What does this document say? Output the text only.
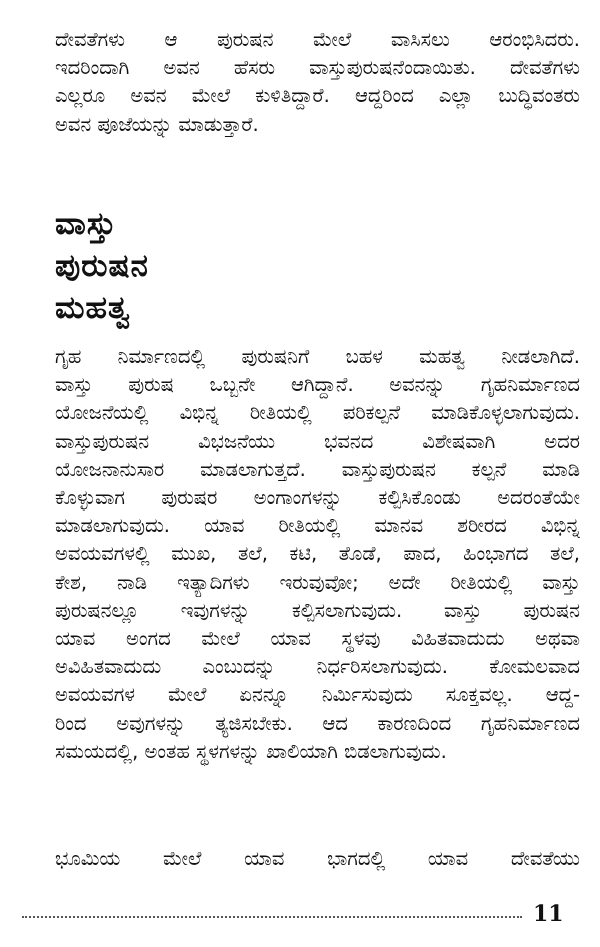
ದೇವತೆಗಳು ಆ ಪುರುಷನ ಮೇಲೆ ವಾಸಿಸಲು ಆರಂಭಿಸಿದರು.
ಇದರಿಂದಾಗಿ ಅವನ ಹೆಸರು ವಾಸ್ತುಪುರುಷನೆಂದಾಯಿತು. ದೇವತೆಗಳು
ಎಲ್ಲರೂ ಅವನ ಮೇಲೆ ಕುಳಿತಿದ್ದಾರೆ. ಆದ್ದರಿಂದ ಎಲ್ಲಾ ಬುದ್ಧಿವಂತರು
ಅವನ ಪೂಜೆಯನ್ನು ಮಾಡುತ್ತಾರೆ.
ವಾಸ್ತು
ಪುರುಷನ
ಮಹತ್ವ
ಗೃಹ ನಿರ್ಮಾಣದಲ್ಲಿ ಪುರುಷನಿಗೆ ಬಹಳ ಮಹತ್ವ ನೀಡಲಾಗಿದೆ.
ವಾಸ್ತು ಪುರುಷ ಒಬ್ಬನೇ ಆಗಿದ್ದಾನೆ. ಅವನನ್ನು ಗೃಹನಿರ್ಮಾಣದ
ಯೋಜನೆಯಲ್ಲಿ ವಿಭಿನ್ನ ರೀತಿಯಲ್ಲಿ ಪರಿಕಲ್ಪನೆ ಮಾಡಿಕೊಳ್ಳಲಾಗುವುದು.
ವಾಸ್ತುಪುರುಷನ ವಿಭಜನೆಯು ಭವನದ ವಿಶೇಷವಾಗಿ ಅದರ
ಯೋಜನಾನುಸಾರ ಮಾಡಲಾಗುತ್ತದೆ. ವಾಸ್ತುಪುರುಷನ ಕಲ್ಪನೆ ಮಾಡಿ
ಕೊಳ್ಳುವಾಗ ಪುರುಷರ ಅಂಗಾಂಗಳನ್ನು ಕಲ್ಪಿಸಿಕೊಂಡು ಅದರಂತೆಯೇ
ಮಾಡಲಾಗುವುದು. ಯಾವ ರೀತಿಯಲ್ಲಿ ಮಾನವ ಶರೀರದ ವಿಭಿನ್ನ
ಅವಯವಗಳಲ್ಲಿ ಮುಖ, ತಲೆ, ಕಟಿ, ತೊಡೆ, ಪಾದ, ಹಿಂಭಾಗದ ತಲೆ,
ಕೇಶ, ನಾಡಿ ಇತ್ಯಾದಿಗಳು ಇರುವುವೋ; ಅದೇ ರೀತಿಯಲ್ಲಿ ವಾಸ್ತು
ಪುರುಷನಲ್ಲೂ ಇವುಗಳನ್ನು ಕಲ್ಪಿಸಲಾಗುವುದು. ವಾಸ್ತು ಪುರುಷನ
ಯಾವ ಅಂಗದ ಮೇಲೆ ಯಾವ ಸ್ಥಳವು ವಿಹಿತವಾದುದು ಅಥವಾ
ಅವಿಹಿತವಾದುದು ಎಂಬುದನ್ನು ನಿರ್ಧರಿಸಲಾಗುವುದು. ಕೋಮಲವಾದ
ಅವಯವಗಳ ಮೇಲೆ ಏನನ್ನೂ ನಿರ್ಮಿಸುವುದು ಸೂಕ್ತವಲ್ಲ. ಆದ್ದ-
ರಿಂದ ಅವುಗಳನ್ನು ತ್ಯಜಿಸಬೇಕು. ಆದ ಕಾರಣದಿಂದ ಗೃಹನಿರ್ಮಾಣದ
ಸಮಯದಲ್ಲಿ, ಅಂತಹ ಸ್ಥಳಗಳನ್ನು ಖಾಲಿಯಾಗಿ ಬಿಡಲಾಗುವುದು.
ಭೂಮಿಯ ಮೇಲೆ ಯಾವ ಭಾಗದಲ್ಲಿ ಯಾವ ದೇವತೆಯು
11
